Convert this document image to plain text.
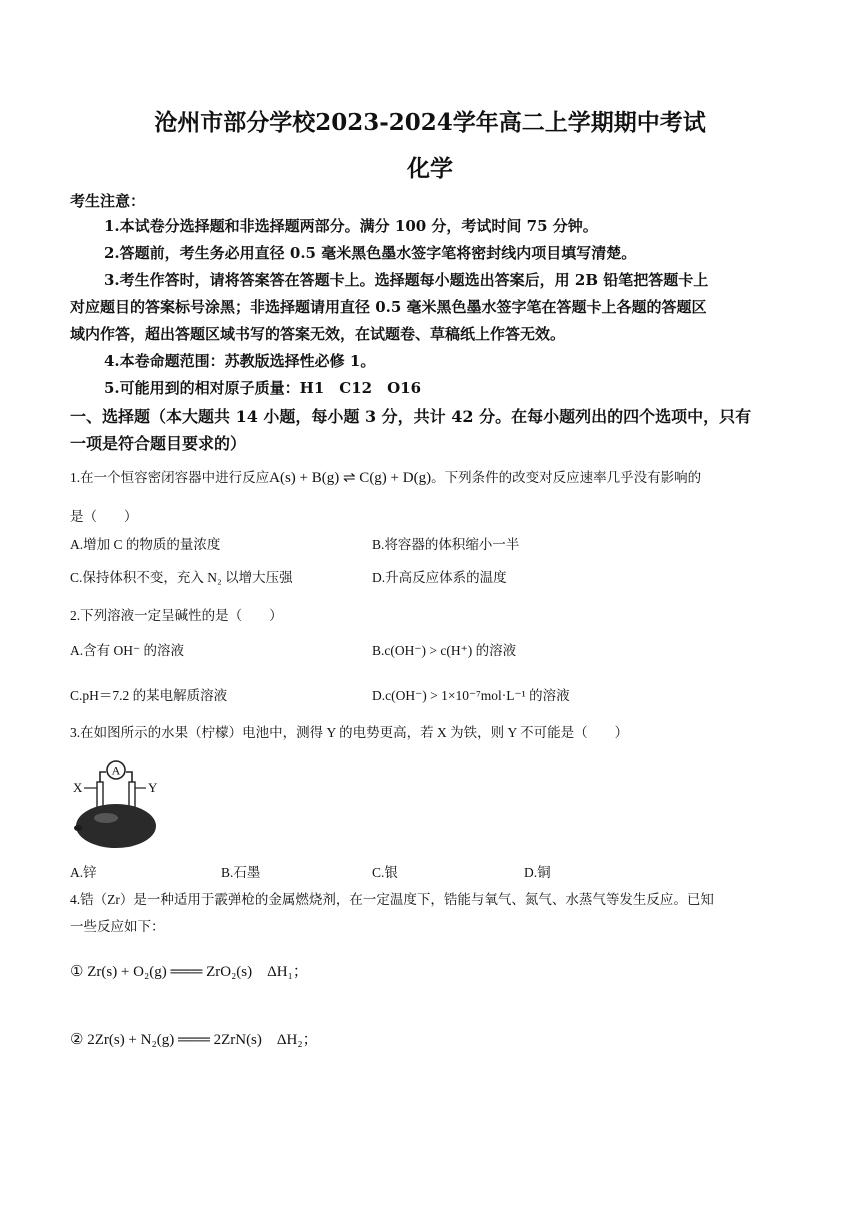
沧州市部分学校2023-2024学年高二上学期期中考试
化学
考生注意：
1.本试卷分选择题和非选择题两部分。满分 100 分，考试时间 75 分钟。
2.答题前，考生务必用直径 0.5 毫米黑色墨水签字笔将密封线内项目填写清楚。
3.考生作答时，请将答案答在答题卡上。选择题每小题选出答案后，用 2B 铅笔把答题卡上
对应题目的答案标号涂黑；非选择题请用直径 0.5 毫米黑色墨水签字笔在答题卡上各题的答题区
域内作答，超出答题区域书写的答案无效，在试题卷、草稿纸上作答无效。
4.本卷命题范围：苏教版选择性必修 1。
5.可能用到的相对原子质量：H1　C12　O16
一、选择题（本大题共 14 小题，每小题 3 分，共计 42 分。在每小题列出的四个选项中，只有
一项是符合题目要求的）
1.在一个恒容密闭容器中进行反应A(s) + B(g) ⇌ C(g) + D(g)。下列条件的改变对反应速率几乎没有影响的
是（　　）
A.增加 C 的物质的量浓度	B.将容器的体积缩小一半
C.保持体积不变，充入 N₂ 以增大压强	D.升高反应体系的温度
2.下列溶液一定呈碱性的是（　　）
A.含有 OH⁻ 的溶液	B.c(OH⁻) > c(H⁺) 的溶液
C.pH＝7.2 的某电解质溶液	D.c(OH⁻) > 1×10⁻⁷mol·L⁻¹ 的溶液
3.在如图所示的水果（柠檬）电池中，测得 Y 的电势更高，若 X 为铁，则 Y 不可能是（　　）
A
X	Y
A.锌	B.石墨	C.银	D.铜
4.锆（Zr）是一种适用于霰弹枪的金属燃烧剂，在一定温度下，锆能与氧气、氮气、水蒸气等发生反应。已知
一些反应如下：
① Zr(s) + O₂(g) ═══ ZrO₂(s)　ΔH₁；
② 2Zr(s) + N₂(g) ═══ 2ZrN(s)　ΔH₂；
